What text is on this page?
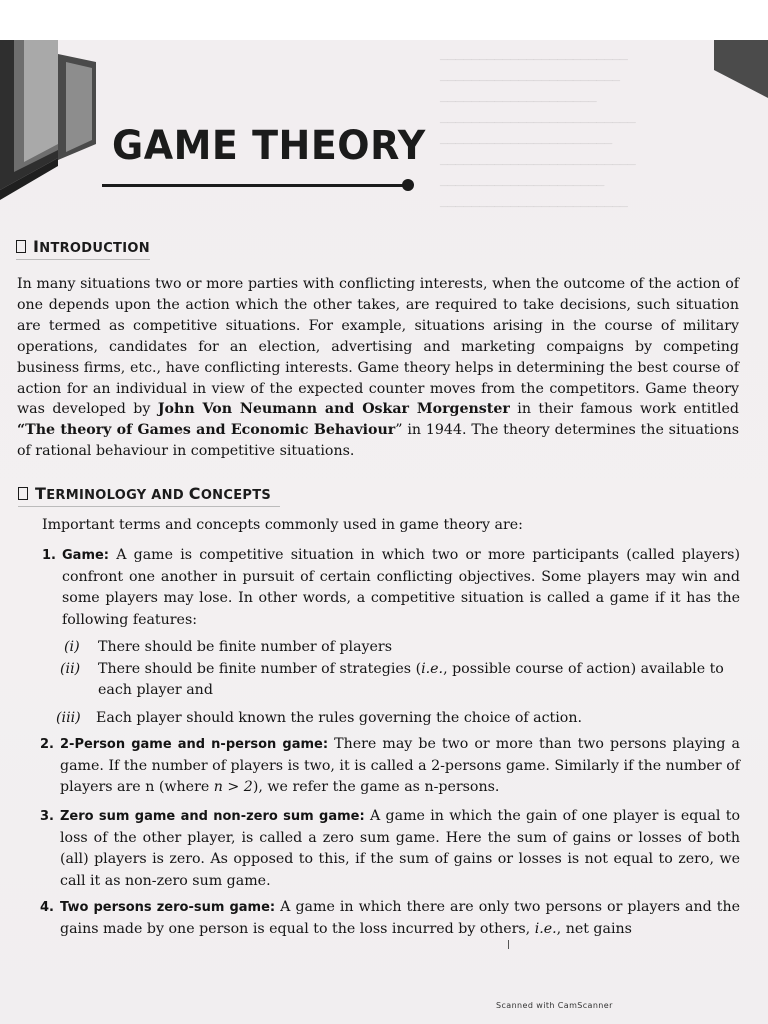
────────────────────────
───────────────────────
────────────────────
─────────────────────────
──────────────────────
─────────────────────────
─────────────────────
────────────────────────
GAME THEORY
INTRODUCTION

In many situations two or more parties with conflicting interests, when the outcome of the action of one depends upon the action which the other takes, are required to take decisions, such situation are termed as competitive situations. For example, situations arising in the course of military operations, candidates for an election, advertising and marketing compaigns by competing business firms, etc., have conflicting interests. Game theory helps in determining the best course of action for an individual in view of the expected counter moves from the competitors. Game theory was developed by John Von Neumann and Oskar Morgenster in their famous work entitled “The theory of Games and Economic Behaviour” in 1944. The theory determines the situations of rational behaviour in competitive situations.

TERMINOLOGY AND CONCEPTS

Important terms and concepts commonly used in game theory are:

1. Game: A game is competitive situation in which two or more participants (called players) confront one another in pursuit of certain conflicting objectives. Some players may win and some players may lose. In other words, a competitive situation is called a game if it has the following features:
(i) There should be finite number of players
(ii) There should be finite number of strategies (i.e., possible course of action) available to each player and
(iii) Each player should known the rules governing the choice of action.
2. 2-Person game and n-person game: There may be two or more than two persons playing a game. If the number of players is two, it is called a 2-persons game. Similarly if the number of players are n (where n > 2), we refer the game as n-persons.
3. Zero sum game and non-zero sum game: A game in which the gain of one player is equal to loss of the other player, is called a zero sum game. Here the sum of gains or losses of both (all) players is zero. As opposed to this, if the sum of gains or losses is not equal to zero, we call it as non-zero sum game.
4. Two persons zero-sum game: A game in which there are only two persons or players and the gains made by one person is equal to the loss incurred by others, i.e., net gains
Scanned with CamScanner
